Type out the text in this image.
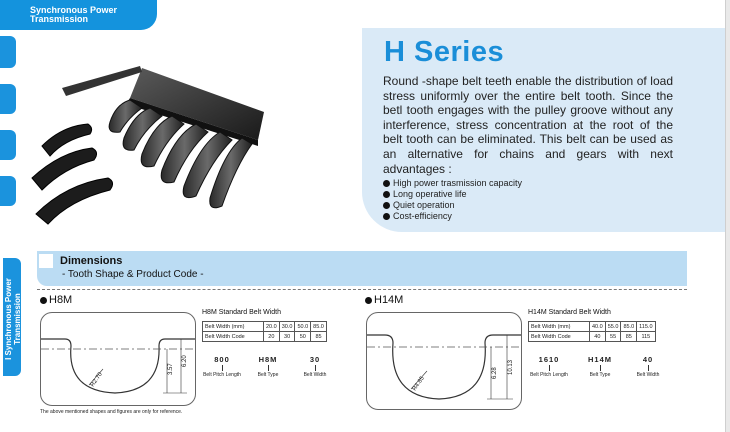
Synchronous Power Transmission
H Series
Round -shape belt teeth enable the distribution of load stress uniformly over the entire belt tooth. Since the betl tooth engages with the pulley groove without any interference, stress concentration at the root of the belt tooth can be eliminated. This belt can be used as an alternative for chains and gears with next advantages :
High power trasmission capacity
Long operative life
Quiet operation
Cost-efficiency
I Synchronous Power Transmission
Dimensions
- Tooth Shape & Product Code -
H8M
R2.70
3.57
6.20
H8M Standard Belt Width
Belt Width (mm)	20.0	30.0	50.0	85.0
Belt Width Code	20	30	50	85
800
Belt Pitch Length
H8M
Belt Type
30
Belt Width
H14M
R4.65
6.28 10.13
H14M Standard Belt Width
Belt Width (mm)	40.0	55.0	85.0	115.0
Belt Width Code	40	55	85	115
1610
Belt Pitch Length
H14M
Belt Type
40
Belt Width
The above mentioned shapes and figures are only for reference.
